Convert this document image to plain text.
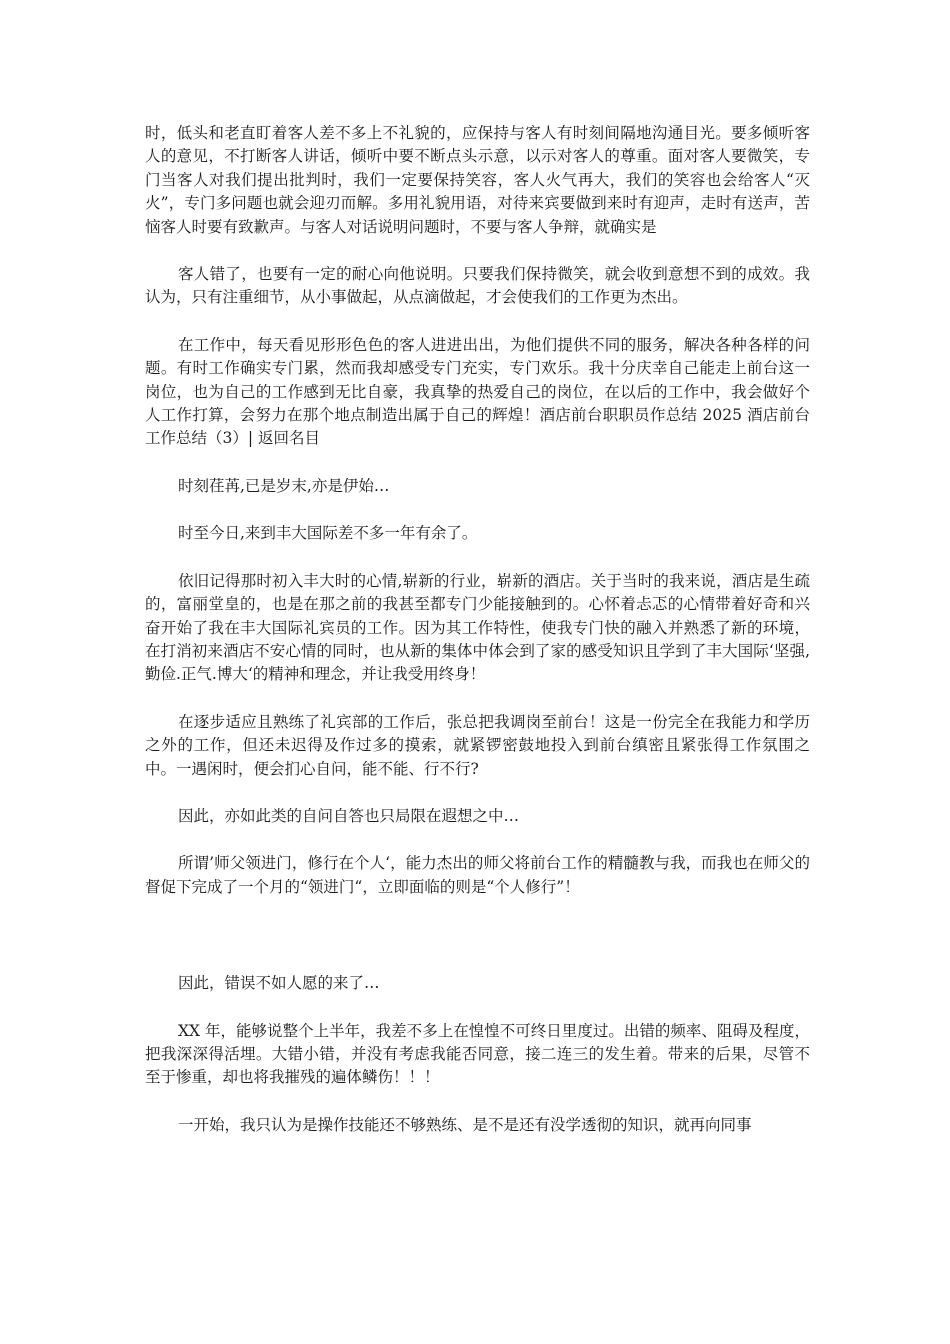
时，低头和老直盯着客人差不多上不礼貌的，应保持与客人有时刻间隔地沟通目光。要多倾听客人的意见，不打断客人讲话，倾听中要不断点头示意，以示对客人的尊重。面对客人要微笑，专门当客人对我们提出批判时，我们一定要保持笑容，客人火气再大，我们的笑容也会给客人“灭火”，专门多问题也就会迎刃而解。多用礼貌用语，对待来宾要做到来时有迎声，走时有送声，苦恼客人时要有致歉声。与客人对话说明问题时，不要与客人争辩，就确实是

客人错了，也要有一定的耐心向他说明。只要我们保持微笑，就会收到意想不到的成效。我认为，只有注重细节，从小事做起，从点滴做起，才会使我们的工作更为杰出。

在工作中，每天看见形形色色的客人进进出出，为他们提供不同的服务，解决各种各样的问题。有时工作确实专门累，然而我却感受专门充实，专门欢乐。我十分庆幸自己能走上前台这一岗位，也为自己的工作感到无比自豪，我真挚的热爱自己的岗位，在以后的工作中，我会做好个人工作打算，会努力在那个地点制造出属于自己的辉煌！酒店前台职职员作总结 2025 酒店前台工作总结（3）| 返回名目

时刻荏苒,已是岁末,亦是伊始…

时至今日,来到丰大国际差不多一年有余了。

依旧记得那时初入丰大时的心情,崭新的行业，崭新的酒店。关于当时的我来说，酒店是生疏的，富丽堂皇的，也是在那之前的我甚至都专门少能接触到的。心怀着忐忑的心情带着好奇和兴奋开始了我在丰大国际礼宾员的工作。因为其工作特性，使我专门快的融入并熟悉了新的环境，在打消初来酒店不安心情的同时，也从新的集体中体会到了家的感受知识且学到了丰大国际‘坚强,勤俭.正气.博大‘的精神和理念，并让我受用终身！

在逐步适应且熟练了礼宾部的工作后，张总把我调岗至前台！这是一份完全在我能力和学历之外的工作，但还未迟得及作过多的摸索，就紧锣密鼓地投入到前台缜密且紧张得工作氛围之中。一遇闲时，便会扪心自问，能不能、行不行?

因此，亦如此类的自问自答也只局限在遐想之中…

所谓’师父领进门，修行在个人‘，能力杰出的师父将前台工作的精髓教与我，而我也在师父的督促下完成了一个月的“领进门“，立即面临的则是“个人修行”！

因此，错误不如人愿的来了…

XX 年，能够说整个上半年，我差不多上在惶惶不可终日里度过。出错的频率、阻碍及程度，把我深深得活埋。大错小错，并没有考虑我能否同意，接二连三的发生着。带来的后果，尽管不至于惨重，却也将我摧残的遍体鳞伤！！！

一开始，我只认为是操作技能还不够熟练、是不是还有没学透彻的知识，就再向同事
